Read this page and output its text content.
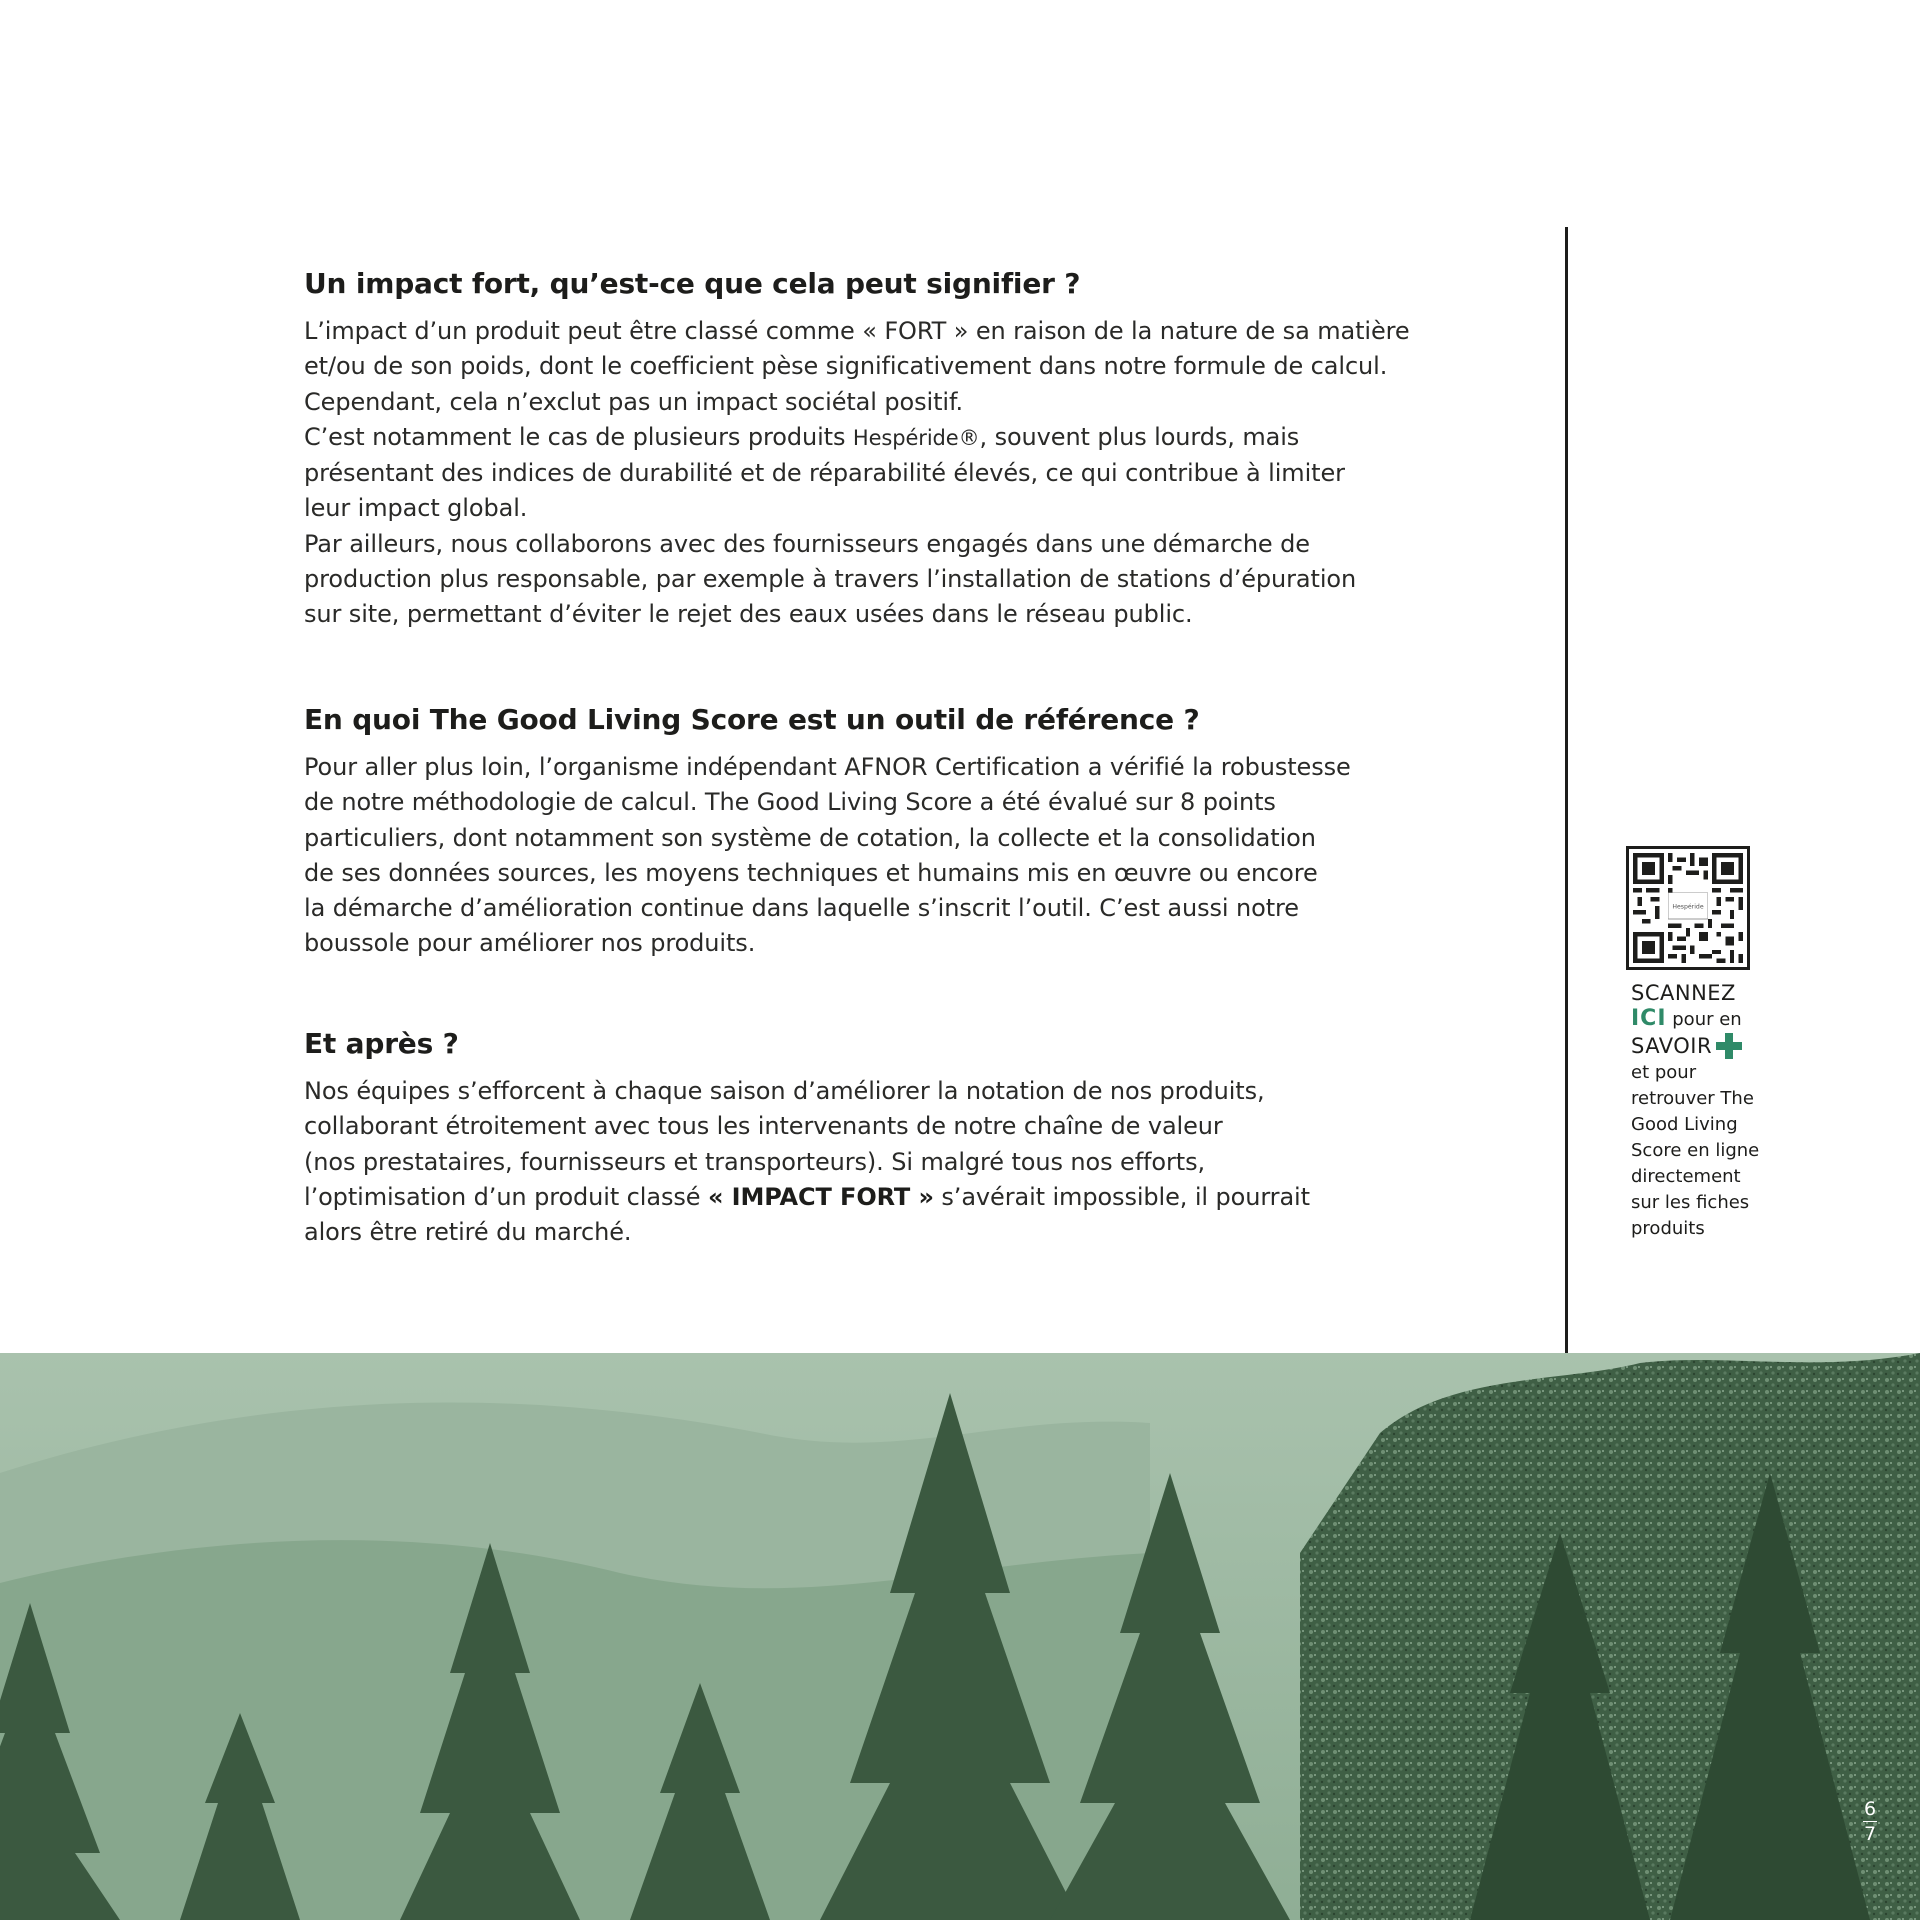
Un impact fort, qu’est-ce que cela peut signifier ?

L’impact d’un produit peut être classé comme « FORT » en raison de la nature de sa matière
et/ou de son poids, dont le coefficient pèse significativement dans notre formule de calcul.
Cependant, cela n’exclut pas un impact sociétal positif.
C’est notamment le cas de plusieurs produits Hespéride®, souvent plus lourds, mais
présentant des indices de durabilité et de réparabilité élevés, ce qui contribue à limiter
leur impact global.
Par ailleurs, nous collaborons avec des fournisseurs engagés dans une démarche de
production plus responsable, par exemple à travers l’installation de stations d’épuration
sur site, permettant d’éviter le rejet des eaux usées dans le réseau public.

En quoi The Good Living Score est un outil de référence ?

Pour aller plus loin, l’organisme indépendant AFNOR Certification a vérifié la robustesse
de notre méthodologie de calcul. The Good Living Score a été évalué sur 8 points
particuliers, dont notamment son système de cotation, la collecte et la consolidation
de ses données sources, les moyens techniques et humains mis en œuvre ou encore
la démarche d’amélioration continue dans laquelle s’inscrit l’outil. C’est aussi notre
boussole pour améliorer nos produits.

Et après ?

Nos équipes s’efforcent à chaque saison d’améliorer la notation de nos produits,
collaborant étroitement avec tous les intervenants de notre chaîne de valeur
(nos prestataires, fournisseurs et transporteurs). Si malgré tous nos efforts,
l’optimisation d’un produit classé « IMPACT FORT » s’avérait impossible, il pourrait
alors être retiré du marché.

Hespéride
SCANNEZ
ICI pour en
SAVOIR
et pour
retrouver The
Good Living
Score en ligne
directement
sur les fiches
produits
6
7
